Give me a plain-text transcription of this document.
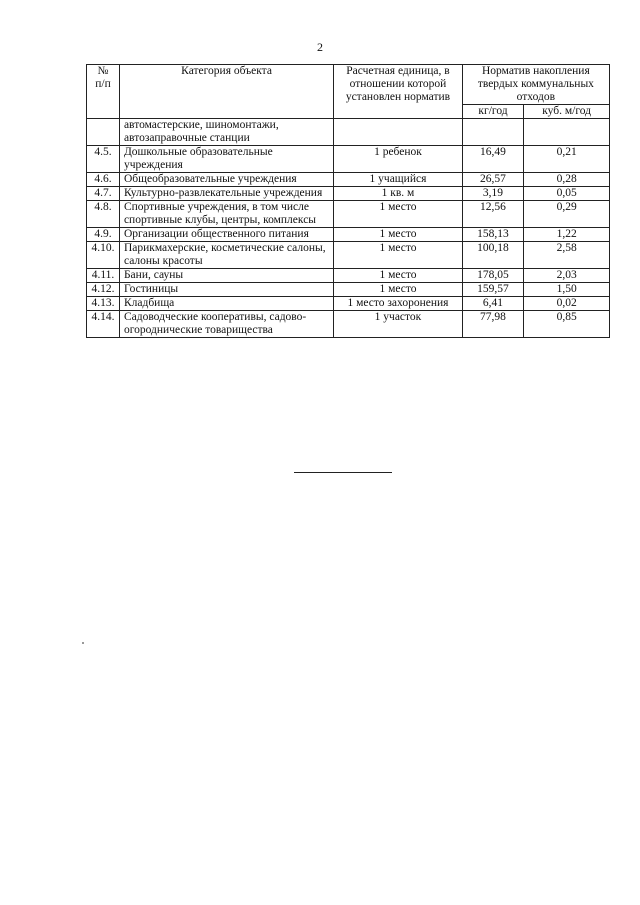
2
№
п/п	Категория объекта	Расчетная единица, в отношении которой установлен норматив	Норматив накопления твердых коммунальных отходов	
			кг/год	куб. м/год
	автомастерские, шиномонтажи, автозаправочные станции			
4.5.	Дошкольные образовательные учреждения	1 ребенок	16,49	0,21
4.6.	Общеобразовательные учреждения	1 учащийся	26,57	0,28
4.7.	Культурно-развлекательные учреждения	1 кв. м	3,19	0,05
4.8.	Спортивные учреждения, в том числе спортивные клубы, центры, комплексы	1 место	12,56	0,29
4.9.	Организации общественного питания	1 место	158,13	1,22
4.10.	Парикмахерские, косметические салоны, салоны красоты	1 место	100,18	2,58
4.11.	Бани, сауны	1 место	178,05	2,03
4.12.	Гостиницы	1 место	159,57	1,50
4.13.	Кладбища	1 место захоронения	6,41	0,02
4.14.	Садоводческие кооперативы, садово-огороднические товарищества	1 участок	77,98	0,85
